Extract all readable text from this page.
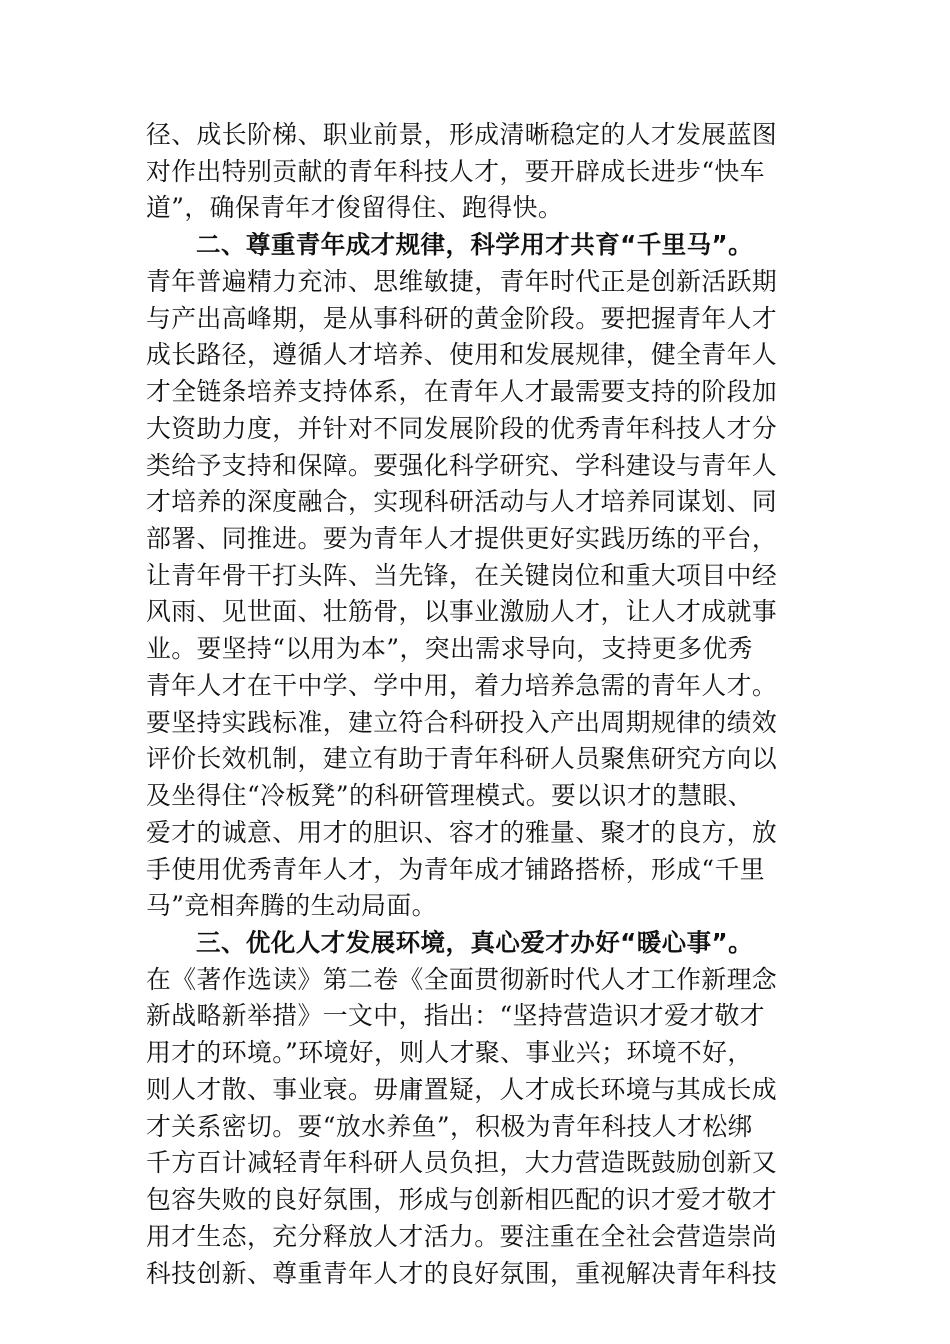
径、成长阶梯、职业前景，形成清晰稳定的人才发展蓝图
对作出特别贡献的青年科技人才，要开辟成长进步“快车
道”，确保青年才俊留得住、跑得快。
二、尊重青年成才规律，科学用才共育“千里马”。
青年普遍精力充沛、思维敏捷，青年时代正是创新活跃期
与产出高峰期，是从事科研的黄金阶段。要把握青年人才
成长路径，遵循人才培养、使用和发展规律，健全青年人
才全链条培养支持体系，在青年人才最需要支持的阶段加
大资助力度，并针对不同发展阶段的优秀青年科技人才分
类给予支持和保障。要强化科学研究、学科建设与青年人
才培养的深度融合，实现科研活动与人才培养同谋划、同
部署、同推进。要为青年人才提供更好实践历练的平台，
让青年骨干打头阵、当先锋，在关键岗位和重大项目中经
风雨、见世面、壮筋骨，以事业激励人才，让人才成就事
业。要坚持“以用为本”，突出需求导向，支持更多优秀
青年人才在干中学、学中用，着力培养急需的青年人才。
要坚持实践标准，建立符合科研投入产出周期规律的绩效
评价长效机制，建立有助于青年科研人员聚焦研究方向以
及坐得住“冷板凳”的科研管理模式。要以识才的慧眼、
爱才的诚意、用才的胆识、容才的雅量、聚才的良方，放
手使用优秀青年人才，为青年成才铺路搭桥，形成“千里
马”竞相奔腾的生动局面。
三、优化人才发展环境，真心爱才办好“暖心事”。
在《著作选读》第二卷《全面贯彻新时代人才工作新理念
新战略新举措》一文中，指出：“坚持营造识才爱才敬才
用才的环境。”环境好，则人才聚、事业兴；环境不好，
则人才散、事业衰。毋庸置疑，人才成长环境与其成长成
才关系密切。要“放水养鱼”，积极为青年科技人才松绑
千方百计减轻青年科研人员负担，大力营造既鼓励创新又
包容失败的良好氛围，形成与创新相匹配的识才爱才敬才
用才生态，充分释放人才活力。要注重在全社会营造崇尚
科技创新、尊重青年人才的良好氛围，重视解决青年科技
